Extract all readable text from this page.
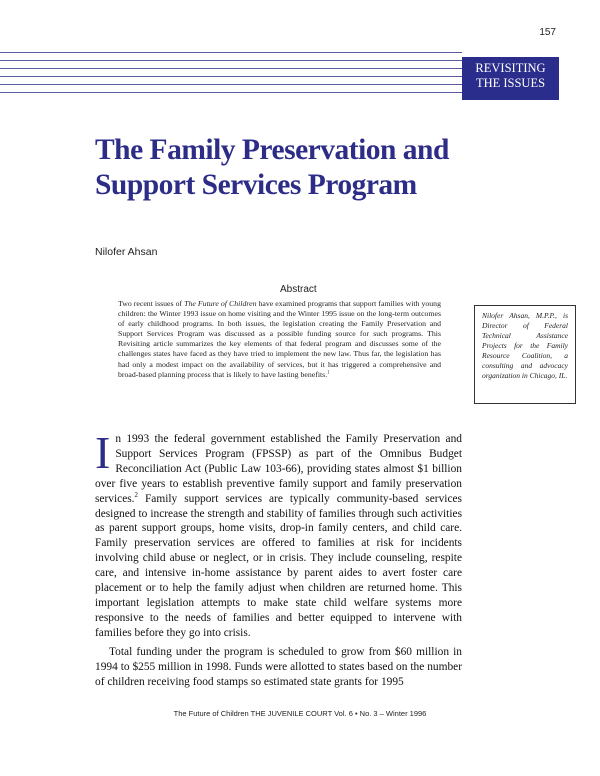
157
REVISITING
THE ISSUES
The Family Preservation and Support Services Program
Nilofer Ahsan
Abstract

Two recent issues of The Future of Children have examined programs that support families with young children: the Winter 1993 issue on home visiting and the Winter 1995 issue on the long-term outcomes of early childhood programs. In both issues, the legislation creating the Family Preservation and Support Services Program was discussed as a possible funding source for such programs. This Revisiting article summarizes the key elements of that federal program and discusses some of the challenges states have faced as they have tried to implement the new law. Thus far, the legislation has had only a modest impact on the availability of services, but it has triggered a comprehensive and broad-based planning process that is likely to have lasting benefits.$^1$

Nilofer Ahsan, M.P.P., is Director of Federal Technical Assistance Projects for the Family Resource Coalition, a consulting and advocacy organization in Chicago, IL.

In 1993 the federal government established the Family Preservation and Support Services Program (FPSSP) as part of the Omnibus Budget Reconciliation Act (Public Law 103-66), providing states almost $1 billion over five years to establish preventive family support and family preservation services.$^2$ Family support services are typically community-based services designed to increase the strength and stability of families through such activities as parent support groups, home visits, drop-in family centers, and child care. Family preservation services are offered to families at risk for incidents involving child abuse or neglect, or in crisis. They include counseling, respite care, and intensive in-home assistance by parent aides to avert foster care placement or to help the family adjust when children are returned home. This important legislation attempts to make state child welfare systems more responsive to the needs of families and better equipped to intervene with families before they go into crisis.

Total funding under the program is scheduled to grow from $60 million in 1994 to $255 million in 1998. Funds were allotted to states based on the number of children receiving food stamps so estimated state grants for 1995

The Future of Children THE JUVENILE COURT Vol. 6 • No. 3 – Winter 1996
